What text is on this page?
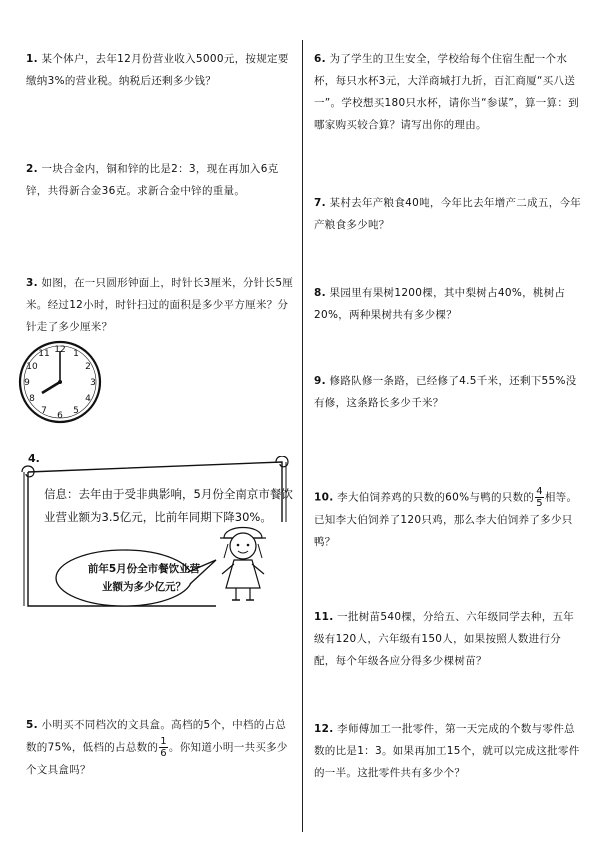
1. 某个体户，去年12月份营业收入5000元，按规定要缴纳3%的营业税。纳税后还剩多少钱？
2. 一块合金内，铜和锌的比是2：3，现在再加入6克锌，共得新合金36克。求新合金中锌的重量。
3. 如图，在一只圆形钟面上，时针长3厘米，分针长5厘米。经过12小时，时针扫过的面积是多少平方厘米？分针走了多少厘米？
12 1
2
3
4
5
6
7
8
9
10
11
4.
信息：去年由于受非典影响，5月份全南京市餐饮业营业额为3.5亿元，比前年同期下降30%。
前年5月份全市餐饮业营业额为多少亿元？
5. 小明买不同档次的文具盒。高档的5个，中档的占总数的75%，低档的占总数的 $\frac{1}{6}$ 。你知道小明一共买多少个文具盒吗？
6. 为了学生的卫生安全，学校给每个住宿生配一个水杯，每只水杯3元，大洋商城打九折，百汇商厦“买八送一”。学校想买180只水杯，请你当“参谋”，算一算：到哪家购买较合算？请写出你的理由。
7. 某村去年产粮食40吨，今年比去年增产二成五，今年产粮食多少吨？
8. 果园里有果树1200棵，其中梨树占40%，桃树占20%，两种果树共有多少棵？
9. 修路队修一条路，已经修了4.5千米，还剩下55%没有修，这条路长多少千米？
10. 李大伯饲养鸡的只数的60%与鸭的只数的 $\frac{4}{5}$ 相等。已知李大伯饲养了120只鸡，那么李大伯饲养了多少只鸭？
11. 一批树苗540棵，分给五、六年级同学去种，五年级有120人，六年级有150人，如果按照人数进行分配，每个年级各应分得多少棵树苗？
12. 李师傅加工一批零件，第一天完成的个数与零件总数的比是1：3。如果再加工15个，就可以完成这批零件的一半。这批零件共有多少个？
